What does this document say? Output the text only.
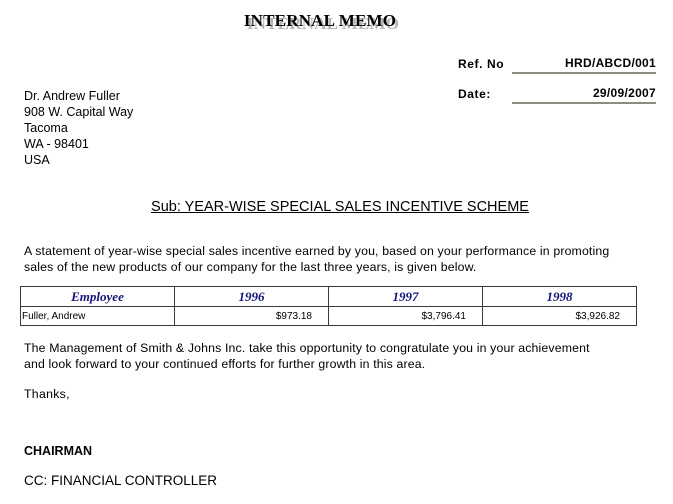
INTERNAL MEMO
Ref. No	HRD/ABCD/001
Date:	29/09/2007
Dr. Andrew Fuller
908 W. Capital Way
Tacoma
WA - 98401
USA
Sub: YEAR-WISE SPECIAL SALES INCENTIVE SCHEME
A statement of year-wise special sales incentive earned by you, based on your performance in promoting
sales of the new products of our company for the last three years, is given below.
Employee	1996	1997	1998
Fuller, Andrew	$973.18	$3,796.41	$3,926.82
The Management of Smith & Johns Inc. take this opportunity to congratulate you in your achievement
and look forward to your continued efforts for further growth in this area.
Thanks,
CHAIRMAN
CC: FINANCIAL CONTROLLER
